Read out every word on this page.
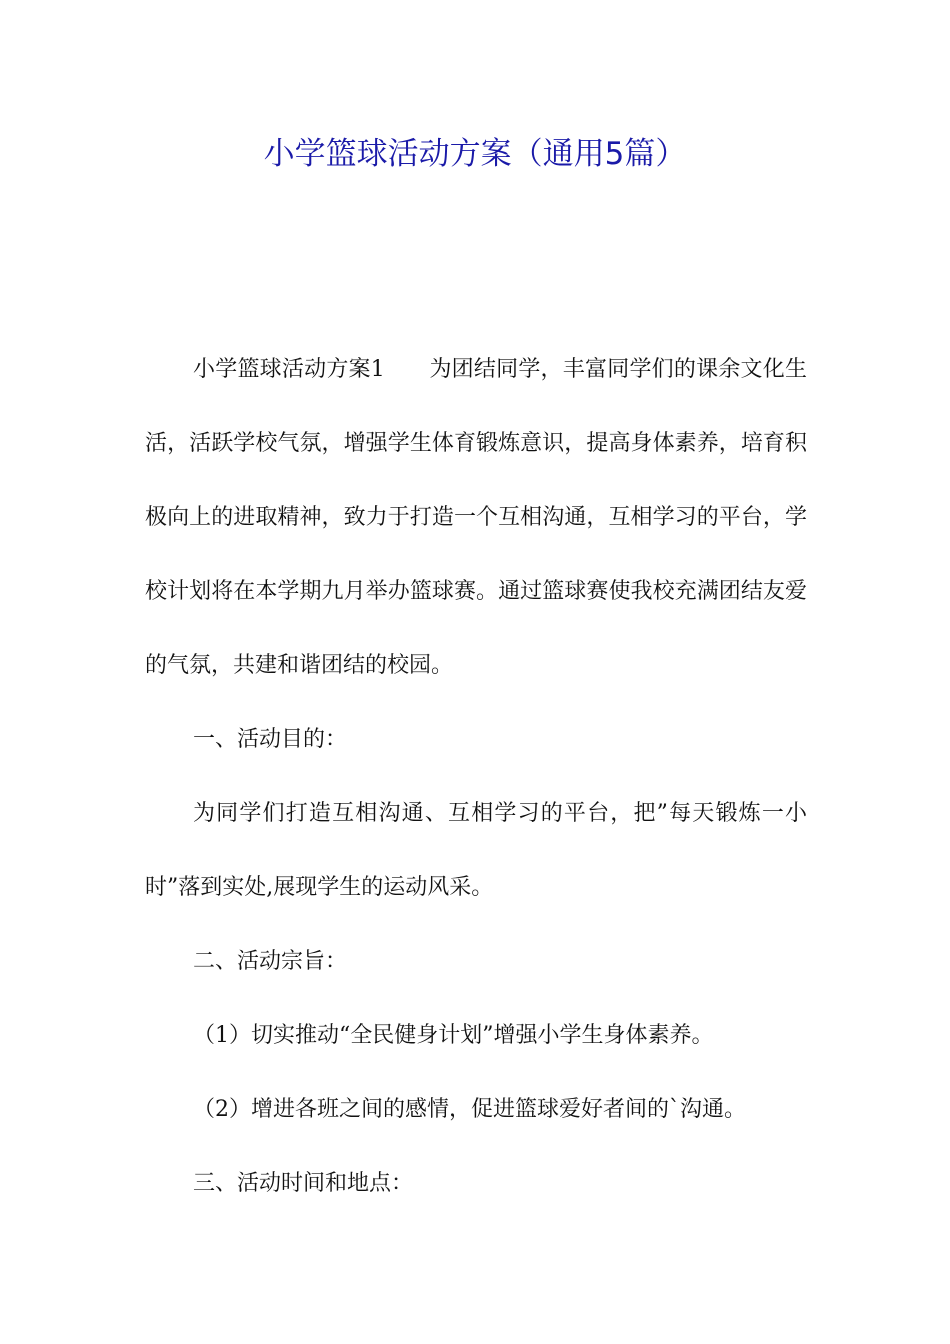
小学篮球活动方案（通用5篇）

小学篮球活动方案1　　为团结同学，丰富同学们的课余文化生活，活跃学校气氛，增强学生体育锻炼意识，提高身体素养，培育积极向上的进取精神，致力于打造一个互相沟通，互相学习的平台，学校计划将在本学期九月举办篮球赛。通过篮球赛使我校充满团结友爱的气氛，共建和谐团结的校园。

一、活动目的：

为同学们打造互相沟通、互相学习的平台，把”每天锻炼一小时”落到实处,展现学生的运动风采。

二、活动宗旨：

（1）切实推动“全民健身计划”增强小学生身体素养。

（2）增进各班之间的感情，促进篮球爱好者间的`沟通。

三、活动时间和地点：
